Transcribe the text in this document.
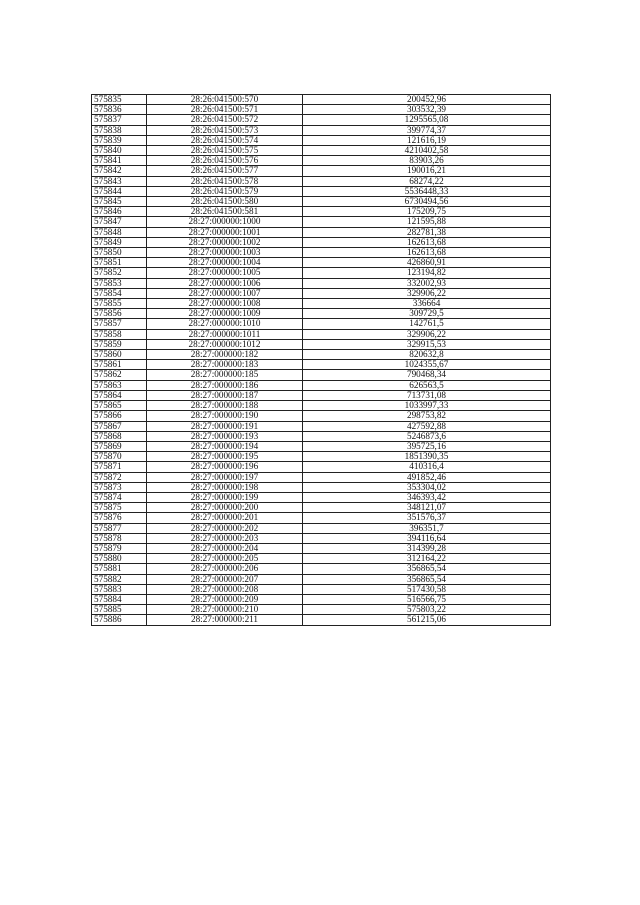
575835	28:26:041500:570	200452,96
575836	28:26:041500:571	303532,39
575837	28:26:041500:572	1295565,08
575838	28:26:041500:573	399774,37
575839	28:26:041500:574	121616,19
575840	28:26:041500:575	4210402,58
575841	28:26:041500:576	83903,26
575842	28:26:041500:577	190016,21
575843	28:26:041500:578	68274,22
575844	28:26:041500:579	5536448,33
575845	28:26:041500:580	6730494,56
575846	28:26:041500:581	175209,75
575847	28:27:000000:1000	121595,88
575848	28:27:000000:1001	282781,38
575849	28:27:000000:1002	162613,68
575850	28:27:000000:1003	162613,68
575851	28:27:000000:1004	426860,91
575852	28:27:000000:1005	123194,82
575853	28:27:000000:1006	332002,93
575854	28:27:000000:1007	329906,22
575855	28:27:000000:1008	336664
575856	28:27:000000:1009	309729,5
575857	28:27:000000:1010	142761,5
575858	28:27:000000:1011	329906,22
575859	28:27:000000:1012	329915,53
575860	28:27:000000:182	820632,8
575861	28:27:000000:183	1024355,67
575862	28:27:000000:185	790468,34
575863	28:27:000000:186	626563,5
575864	28:27:000000:187	713731,08
575865	28:27:000000:188	1033997,33
575866	28:27:000000:190	298753,82
575867	28:27:000000:191	427592,88
575868	28:27:000000:193	5246873,6
575869	28:27:000000:194	395725,16
575870	28:27:000000:195	1851390,35
575871	28:27:000000:196	410316,4
575872	28:27:000000:197	491852,46
575873	28:27:000000:198	353304,02
575874	28:27:000000:199	346393,42
575875	28:27:000000:200	348121,07
575876	28:27:000000:201	351576,37
575877	28:27:000000:202	396351,7
575878	28:27:000000:203	394116,64
575879	28:27:000000:204	314399,28
575880	28:27:000000:205	312164,22
575881	28:27:000000:206	356865,54
575882	28:27:000000:207	356865,54
575883	28:27:000000:208	517430,58
575884	28:27:000000:209	516566,75
575885	28:27:000000:210	575803,22
575886	28:27:000000:211	561215,06
